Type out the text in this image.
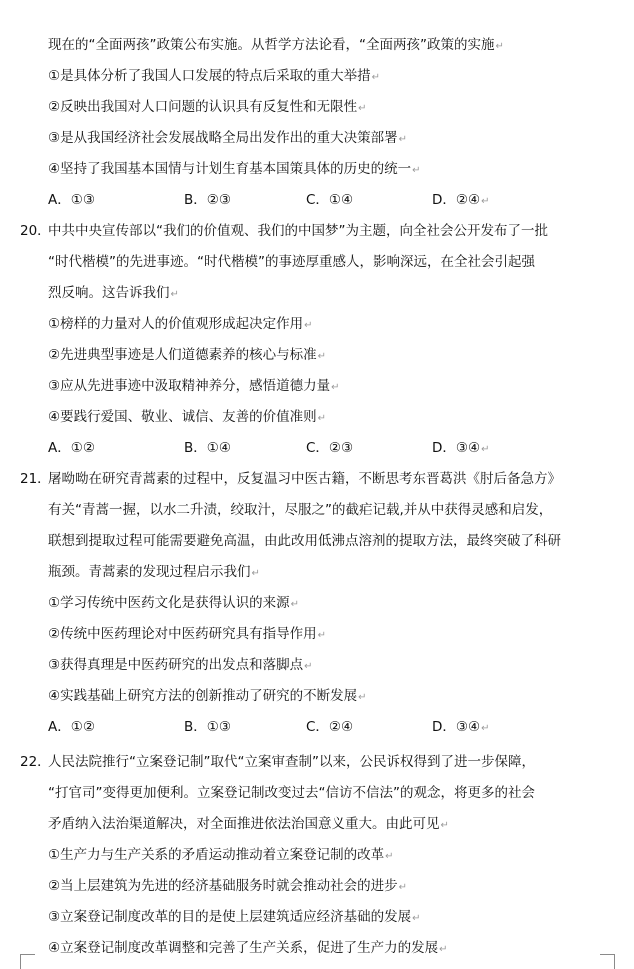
现在的“全面两孩”政策公布实施。从哲学方法论看，“全面两孩”政策的实施↵
①是具体分析了我国人口发展的特点后采取的重大举措↵
②反映出我国对人口问题的认识具有反复性和无限性↵
③是从我国经济社会发展战略全局出发作出的重大决策部署↵
④坚持了我国基本国情与计划生育基本国策具体的历史的统一↵
A．①③	B．②③	C．①④	D．②④↵
20．
中共中央宣传部以“我们的价值观、我们的中国梦”为主题，向全社会公开发布了一批
“时代楷模”的先进事迹。“时代楷模”的事迹厚重感人，影响深远，在全社会引起强
烈反响。这告诉我们↵
①榜样的力量对人的价值观形成起决定作用↵
②先进典型事迹是人们道德素养的核心与标准↵
③应从先进事迹中汲取精神养分，感悟道德力量↵
④要践行爱国、敬业、诚信、友善的价值准则↵
A．①②	B．①④	C．②③	D．③④↵
21．
屠呦呦在研究青蒿素的过程中，反复温习中医古籍，不断思考东晋葛洪《肘后备急方》
有关“青蒿一握，以水二升渍，绞取汁，尽服之”的截疟记载,并从中获得灵感和启发，
联想到提取过程可能需要避免高温，由此改用低沸点溶剂的提取方法，最终突破了科研
瓶颈。青蒿素的发现过程启示我们↵
①学习传统中医药文化是获得认识的来源↵
②传统中医药理论对中医药研究具有指导作用↵
③获得真理是中医药研究的出发点和落脚点↵
④实践基础上研究方法的创新推动了研究的不断发展↵
A．①②	B．①③	C．②④	D．③④↵
22．
人民法院推行“立案登记制”取代“立案审查制”以来，公民诉权得到了进一步保障，
“打官司”变得更加便利。立案登记制改变过去“信访不信法”的观念，将更多的社会
矛盾纳入法治渠道解决，对全面推进依法治国意义重大。由此可见↵
①生产力与生产关系的矛盾运动推动着立案登记制的改革↵
②当上层建筑为先进的经济基础服务时就会推动社会的进步↵
③立案登记制度改革的目的是使上层建筑适应经济基础的发展↵
④立案登记制度改革调整和完善了生产关系，促进了生产力的发展↵
